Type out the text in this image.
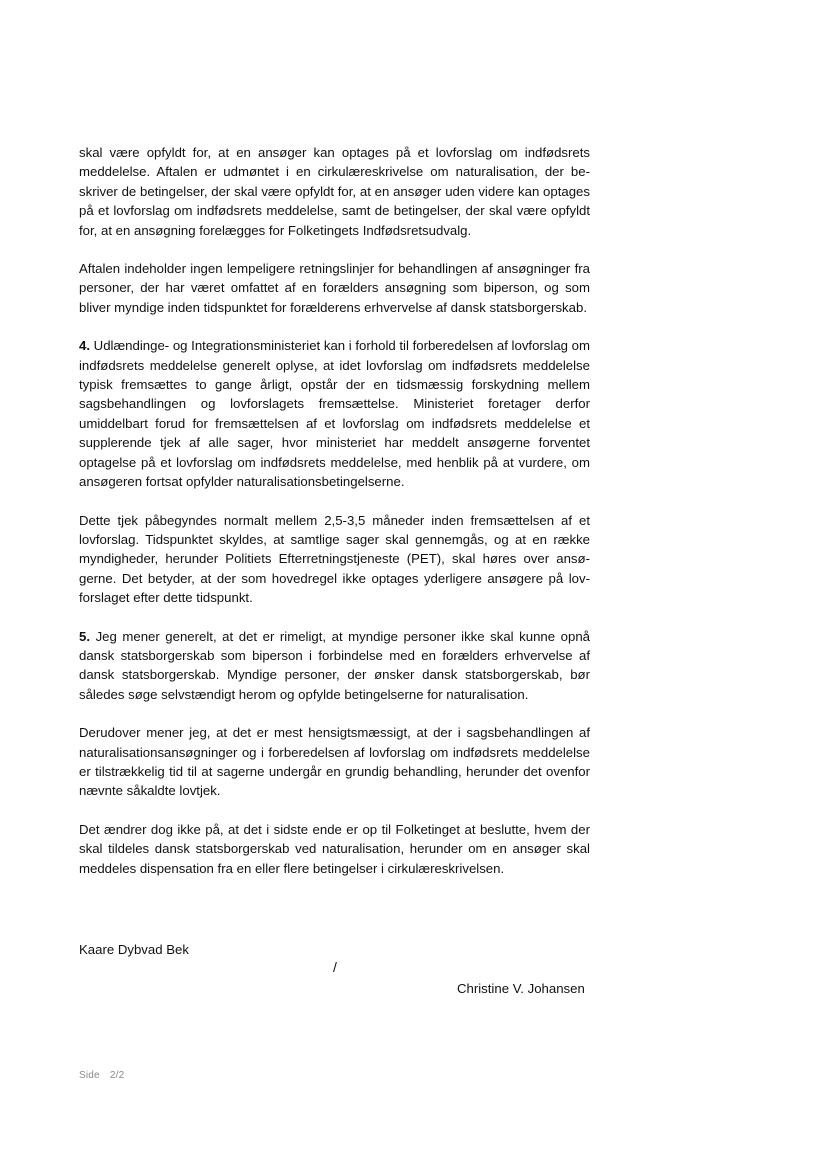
skal være opfyldt for, at en ansøger kan optages på et lovforslag om indfødsrets meddelelse. Aftalen er udmøntet i en cirkulæreskrivelse om naturalisation, der beskriver de betingelser, der skal være opfyldt for, at en ansøger uden videre kan optages på et lovforslag om indfødsrets meddelelse, samt de betingelser, der skal være opfyldt for, at en ansøgning forelægges for Folketingets Indfødsretsudvalg.

Aftalen indeholder ingen lempeligere retningslinjer for behandlingen af ansøgninger fra personer, der har været omfattet af en forælders ansøgning som biperson, og som bliver myndige inden tidspunktet for forælderens erhvervelse af dansk statsborgerskab.

4. Udlændinge- og Integrationsministeriet kan i forhold til forberedelsen af lovforslag om indfødsrets meddelelse generelt oplyse, at idet lovforslag om indfødsrets meddelelse typisk fremsættes to gange årligt, opstår der en tidsmæssig forskydning mellem sagsbehandlingen og lovforslagets fremsættelse. Ministeriet foretager derfor umiddelbart forud for fremsættelsen af et lovforslag om indfødsrets meddelelse et supplerende tjek af alle sager, hvor ministeriet har meddelt ansøgerne forventet optagelse på et lovforslag om indfødsrets meddelelse, med henblik på at vurdere, om ansøgeren fortsat opfylder naturalisationsbetingelserne.

Dette tjek påbegyndes normalt mellem 2,5-3,5 måneder inden fremsættelsen af et lovforslag. Tidspunktet skyldes, at samtlige sager skal gennemgås, og at en række myndigheder, herunder Politiets Efterretningstjeneste (PET), skal høres over ansøgerne. Det betyder, at der som hovedregel ikke optages yderligere ansøgere på lovforslaget efter dette tidspunkt.

5. Jeg mener generelt, at det er rimeligt, at myndige personer ikke skal kunne opnå dansk statsborgerskab som biperson i forbindelse med en forælders erhvervelse af dansk statsborgerskab. Myndige personer, der ønsker dansk statsborgerskab, bør således søge selvstændigt herom og opfylde betingelserne for naturalisation.

Derudover mener jeg, at det er mest hensigtsmæssigt, at der i sagsbehandlingen af naturalisationsansøgninger og i forberedelsen af lovforslag om indfødsrets meddelelse er tilstrækkelig tid til at sagerne undergår en grundig behandling, herunder det ovenfor nævnte såkaldte lovtjek.

Det ændrer dog ikke på, at det i sidste ende er op til Folketinget at beslutte, hvem der skal tildeles dansk statsborgerskab ved naturalisation, herunder om en ansøger skal meddeles dispensation fra en eller flere betingelser i cirkulæreskrivelsen.

Kaare Dybvad Bek
/
Christine V. Johansen
Side 2/2
